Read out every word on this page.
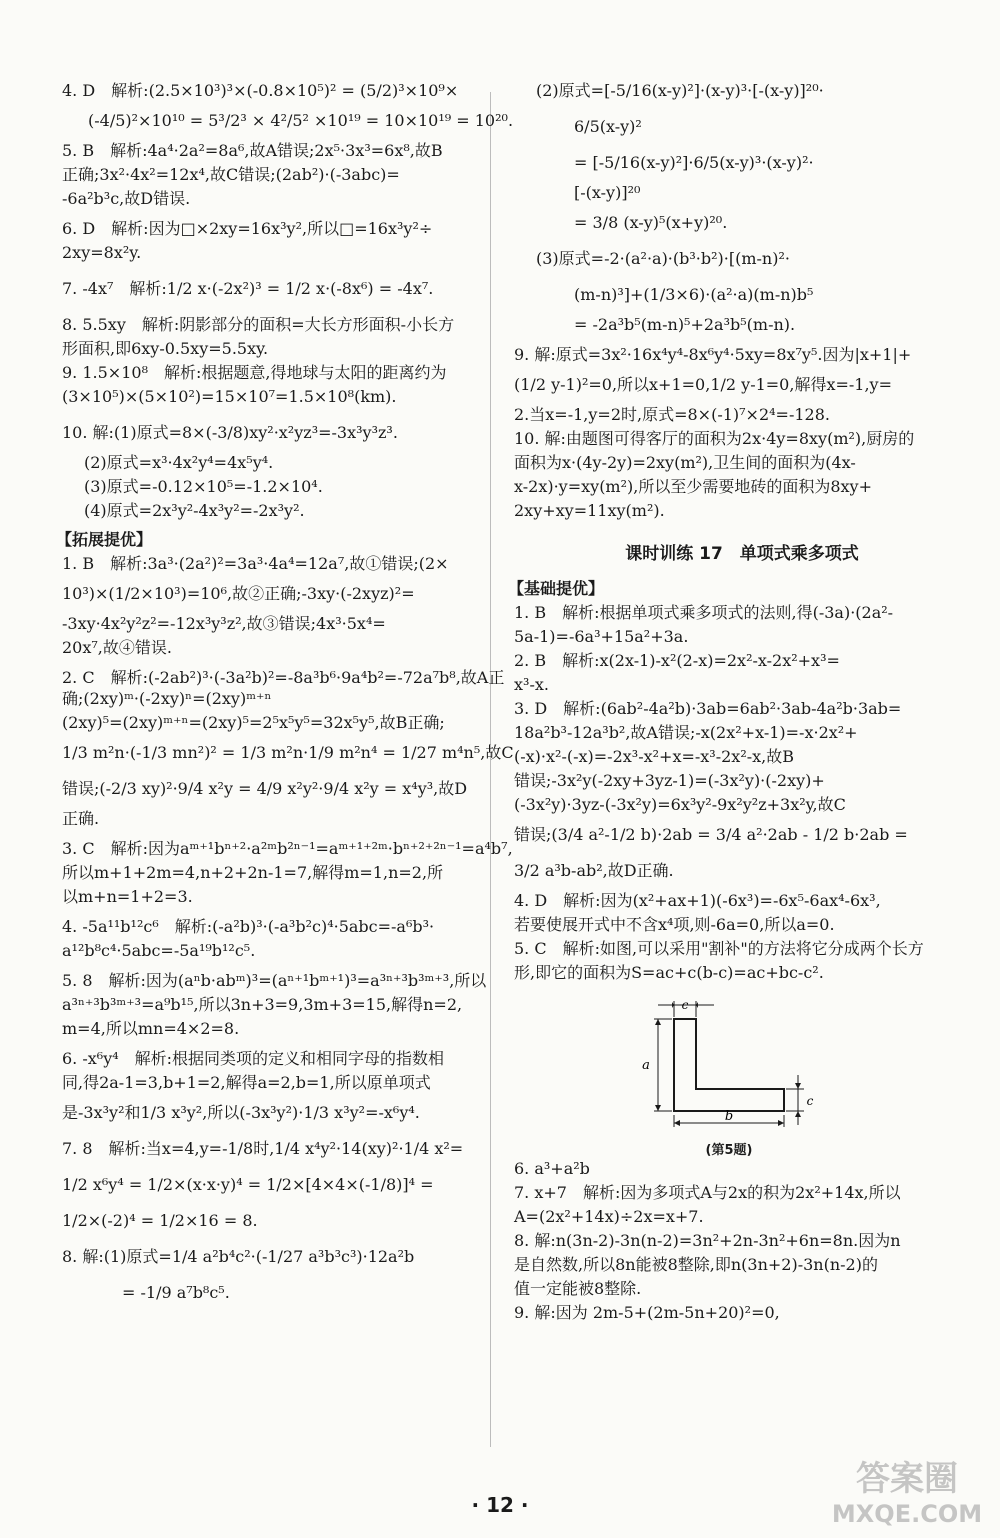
4. D　解析:(2.5×10³)³×(-0.8×10⁵)² = (5/2)³×10⁹×

(-4/5)²×10¹⁰ = 5³/2³ × 4²/5² ×10¹⁹ = 10×10¹⁹ = 10²⁰.

5. B　解析:4a⁴·2a²=8a⁶,故A错误;2x⁵·3x³=6x⁸,故B

正确;3x²·4x²=12x⁴,故C错误;(2ab²)·(-3abc)=

-6a²b³c,故D错误.

6. D　解析:因为□×2xy=16x³y²,所以□=16x³y²÷

2xy=8x²y.

7. -4x⁷　解析:1/2 x·(-2x²)³ = 1/2 x·(-8x⁶) = -4x⁷.

8. 5.5xy　解析:阴影部分的面积=大长方形面积-小长方

形面积,即6xy-0.5xy=5.5xy.

9. 1.5×10⁸　解析:根据题意,得地球与太阳的距离约为

(3×10⁵)×(5×10²)=15×10⁷=1.5×10⁸(km).

10. 解:(1)原式=8×(-3/8)xy²·x²yz³=-3x³y³z³.

(2)原式=x³·4x²y⁴=4x⁵y⁴.

(3)原式=-0.12×10⁵=-1.2×10⁴.

(4)原式=2x³y²-4x³y²=-2x³y².

【拓展提优】

1. B　解析:3a³·(2a²)²=3a³·4a⁴=12a⁷,故①错误;(2×

10³)×(1/2×10³)=10⁶,故②正确;-3xy·(-2xyz)²=

-3xy·4x²y²z²=-12x³y³z²,故③错误;4x³·5x⁴=

20x⁷,故④错误.

2. C　解析:(-2ab²)³·(-3a²b)²=-8a³b⁶·9a⁴b²=-72a⁷b⁸,故A正确;(2xy)ᵐ·(-2xy)ⁿ=(2xy)ᵐ⁺ⁿ

(2xy)⁵=(2xy)ᵐ⁺ⁿ=(2xy)⁵=2⁵x⁵y⁵=32x⁵y⁵,故B正确;

1/3 m²n·(-1/3 mn²)² = 1/3 m²n·1/9 m²n⁴ = 1/27 m⁴n⁵,故C

错误;(-2/3 xy)²·9/4 x²y = 4/9 x²y²·9/4 x²y = x⁴y³,故D

正确.

3. C　解析:因为aᵐ⁺¹bⁿ⁺²·a²ᵐb²ⁿ⁻¹=aᵐ⁺¹⁺²ᵐ·bⁿ⁺²⁺²ⁿ⁻¹=a⁴b⁷,

所以m+1+2m=4,n+2+2n-1=7,解得m=1,n=2,所

以m+n=1+2=3.

4. -5a¹¹b¹²c⁶　解析:(-a²b)³·(-a³b²c)⁴·5abc=-a⁶b³·

a¹²b⁸c⁴·5abc=-5a¹⁹b¹²c⁵.

5. 8　解析:因为(aⁿb·abᵐ)³=(aⁿ⁺¹bᵐ⁺¹)³=a³ⁿ⁺³b³ᵐ⁺³,所以

a³ⁿ⁺³b³ᵐ⁺³=a⁹b¹⁵,所以3n+3=9,3m+3=15,解得n=2,

m=4,所以mn=4×2=8.

6. -x⁶y⁴　解析:根据同类项的定义和相同字母的指数相

同,得2a-1=3,b+1=2,解得a=2,b=1,所以原单项式

是-3x³y²和1/3 x³y²,所以(-3x³y²)·1/3 x³y²=-x⁶y⁴.

7. 8　解析:当x=4,y=-1/8时,1/4 x⁴y²·14(xy)²·1/4 x²=

1/2 x⁶y⁴ = 1/2×(x·x·y)⁴ = 1/2×[4×4×(-1/8)]⁴ =

1/2×(-2)⁴ = 1/2×16 = 8.

8. 解:(1)原式=1/4 a²b⁴c²·(-1/27 a³b³c³)·12a²b

= -1/9 a⁷b⁸c⁵.

(2)原式=[-5/16(x-y)²]·(x-y)³·[-(x-y)]²⁰·

6/5(x-y)²

= [-5/16(x-y)²]·6/5(x-y)³·(x-y)²·

[-(x-y)]²⁰

= 3/8 (x-y)⁵(x+y)²⁰.

(3)原式=-2·(a²·a)·(b³·b²)·[(m-n)²·

(m-n)³]+(1/3×6)·(a²·a)(m-n)b⁵

= -2a³b⁵(m-n)⁵+2a³b⁵(m-n).

9. 解:原式=3x²·16x⁴y⁴-8x⁶y⁴·5xy=8x⁷y⁵.因为|x+1|+

(1/2 y-1)²=0,所以x+1=0,1/2 y-1=0,解得x=-1,y=

2.当x=-1,y=2时,原式=8×(-1)⁷×2⁴=-128.

10. 解:由题图可得客厅的面积为2x·4y=8xy(m²),厨房的

面积为x·(4y-2y)=2xy(m²),卫生间的面积为(4x-

x-2x)·y=xy(m²),所以至少需要地砖的面积为8xy+

2xy+xy=11xy(m²).

课时训练 17　单项式乘多项式
【基础提优】

1. B　解析:根据单项式乘多项式的法则,得(-3a)·(2a²-

5a-1)=-6a³+15a²+3a.

2. B　解析:x(2x-1)-x²(2-x)=2x²-x-2x²+x³=

x³-x.

3. D　解析:(6ab²-4a²b)·3ab=6ab²·3ab-4a²b·3ab=

18a²b³-12a³b²,故A错误;-x(2x²+x-1)=-x·2x²+

(-x)·x²-(-x)=-2x³-x²+x=-x³-2x²-x,故B

错误;-3x²y(-2xy+3yz-1)=(-3x²y)·(-2xy)+

(-3x²y)·3yz-(-3x²y)=6x³y²-9x²y²z+3x²y,故C

错误;(3/4 a²-1/2 b)·2ab = 3/4 a²·2ab - 1/2 b·2ab =

3/2 a³b-ab²,故D正确.

4. D　解析:因为(x²+ax+1)(-6x³)=-6x⁵-6ax⁴-6x³,

若要使展开式中不含x⁴项,则-6a=0,所以a=0.

5. C　解析:如图,可以采用"割补"的方法将它分成两个长方

形,即它的面积为S=ac+c(b-c)=ac+bc-c².

c
a
b
c
(第5题)

6. a³+a²b

7. x+7　解析:因为多项式A与2x的积为2x²+14x,所以

A=(2x²+14x)÷2x=x+7.

8. 解:n(3n-2)-3n(n-2)=3n²+2n-3n²+6n=8n.因为n

是自然数,所以8n能被8整除,即n(3n+2)-3n(n-2)的

值一定能被8整除.

9. 解:因为 2m-5+(2m-5n+20)²=0,

· 12 ·
答案圈
MXQE.COM
